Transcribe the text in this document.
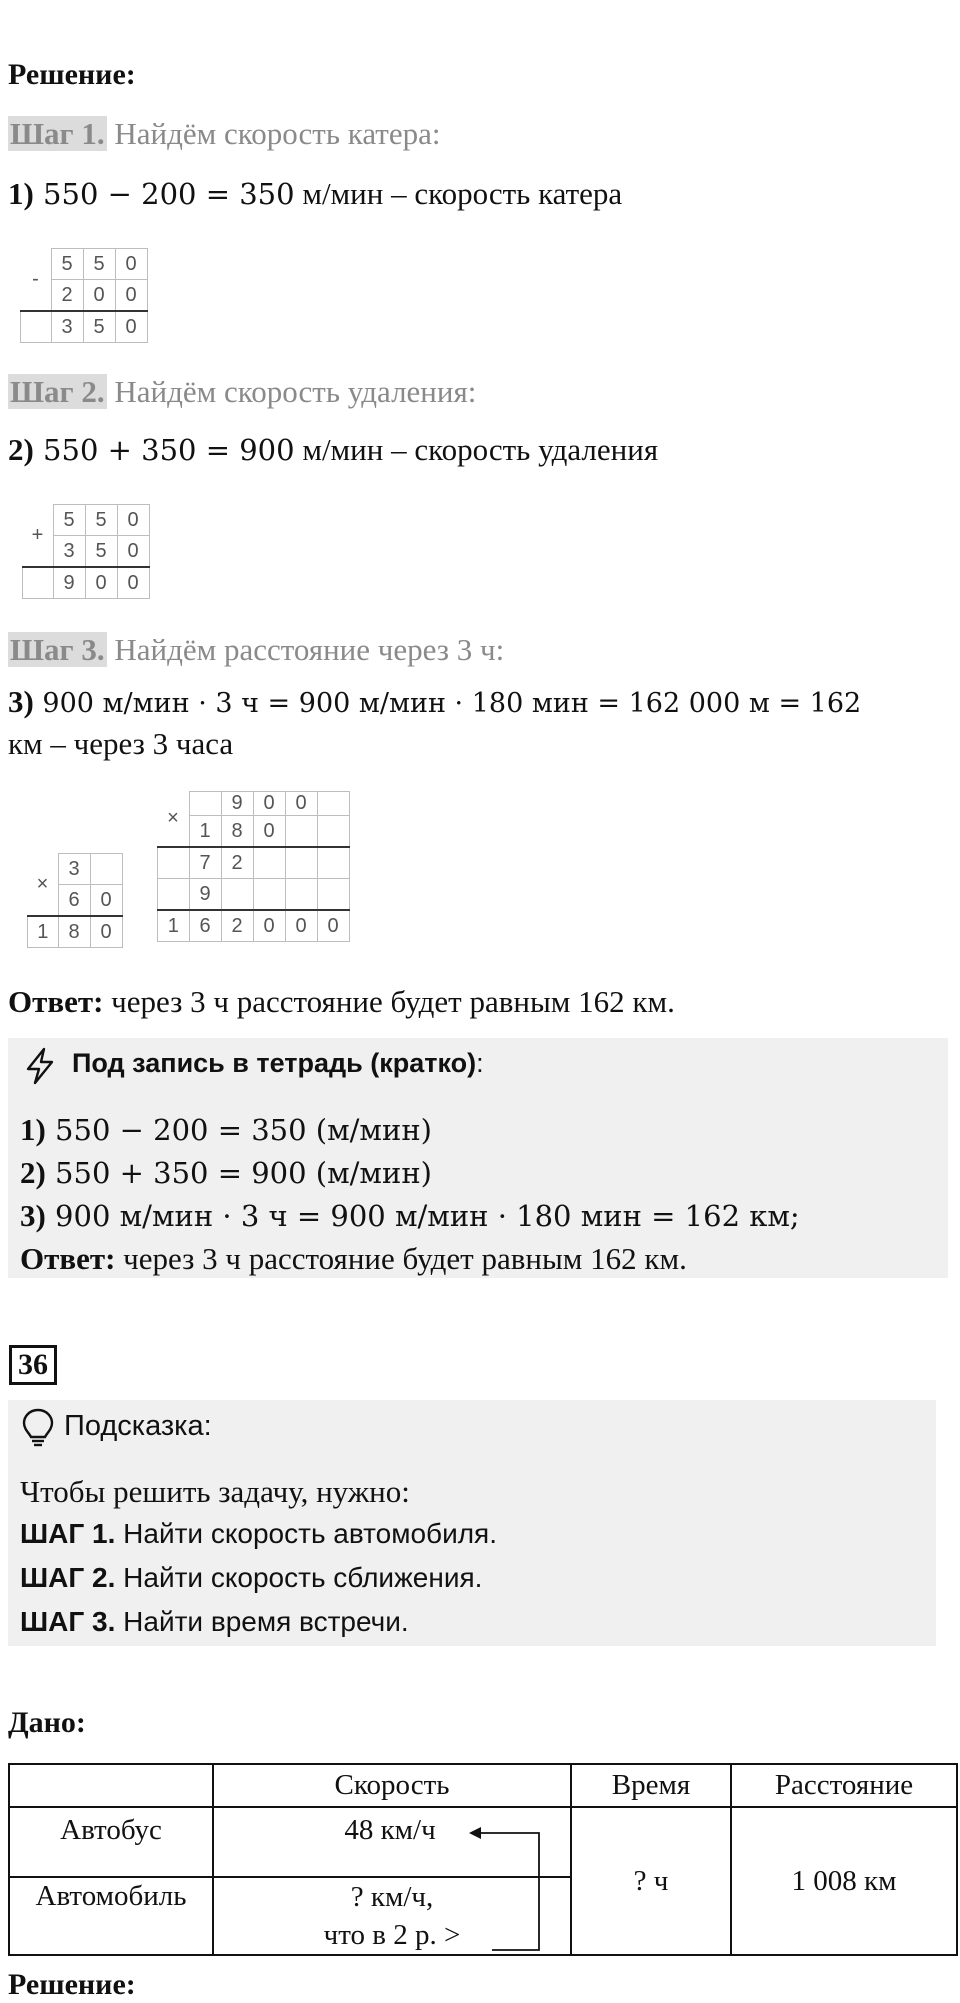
Решение:
Шаг 1. Найдём скорость катера:
1) 550 − 200 = 350 м/мин – скорость катера
-	5	5	0
	2	0	0
	3	5	0
Шаг 2. Найдём скорость удаления:
2) 550 + 350 = 900 м/мин – скорость удаления
+	5	5	0
	3	5	0
	9	0	0
Шаг 3. Найдём расстояние через 3 ч:
3) 900 м/мин · 3 ч = 900 м/мин · 180 мин = 162 000 м = 162
км – через 3 часа
×	3	
	6	0
1	8	0
×		9	0	0	
	1	8	0		
	7	2			
	9				
1	6	2	0	0	0
Ответ: через 3 ч расстояние будет равным 162 км.
Под запись в тетрадь (кратко):
1) 550 − 200 = 350 (м/мин)
2) 550 + 350 = 900 (м/мин)
3) 900 м/мин · 3 ч = 900 м/мин · 180 мин = 162 км;
Ответ: через 3 ч расстояние будет равным 162 км.
36
Подсказка:
Чтобы решить задачу, нужно:
ШАГ 1. Найти скорость автомобиля.
ШАГ 2. Найти скорость сближения.
ШАГ 3. Найти время встречи.
Дано:
	Скорость	Время	Расстояние
Автобус	48 км/ч	? ч	1 008 км
Автомобиль	? км/ч,
что в 2 р. >		
Решение:
